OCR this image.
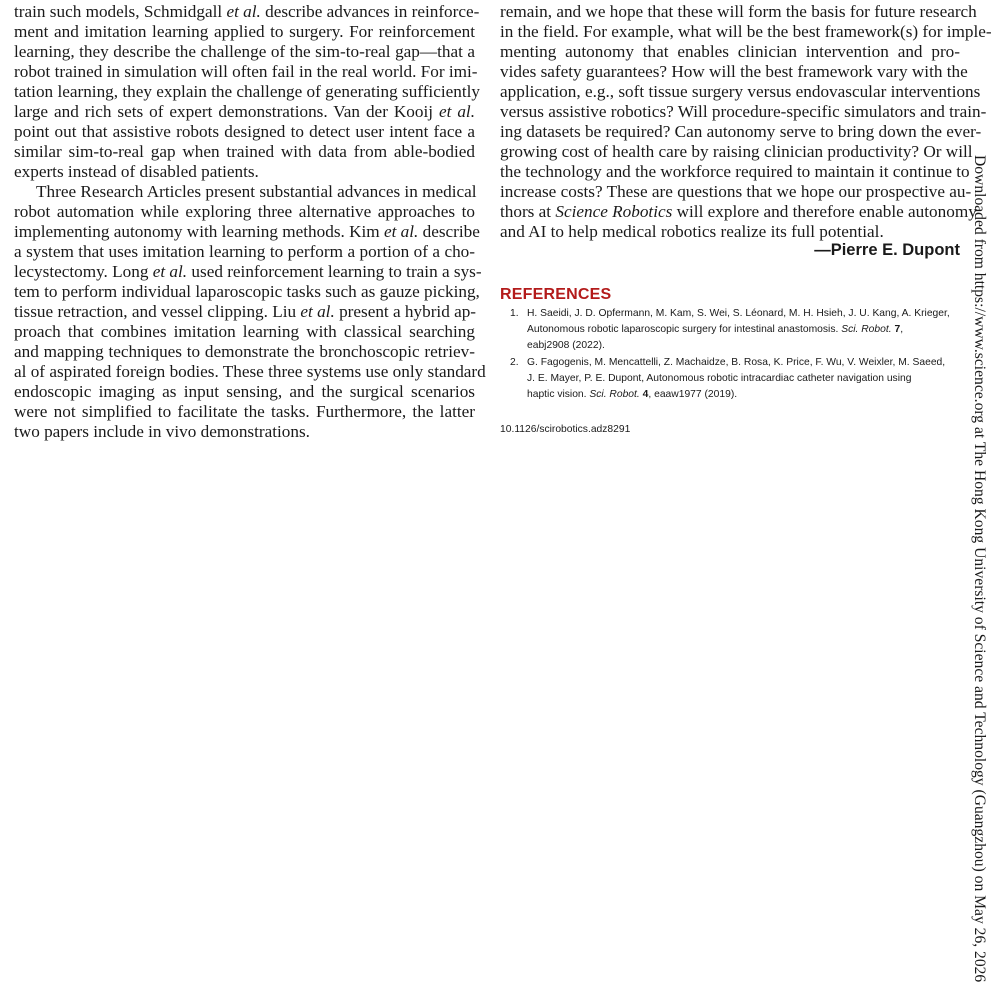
train such models, Schmidgall et al. describe advances in reinforce-
ment and imitation learning applied to surgery. For reinforcement
learning, they describe the challenge of the sim-to-real gap—that a
robot trained in simulation will often fail in the real world. For imi-
tation learning, they explain the challenge of generating sufficiently
large and rich sets of expert demonstrations. Van der Kooij et al.
point out that assistive robots designed to detect user intent face a
similar sim-to-real gap when trained with data from able-bodied
experts instead of disabled patients.
Three Research Articles present substantial advances in medical
robot automation while exploring three alternative approaches to
implementing autonomy with learning methods. Kim et al. describe
a system that uses imitation learning to perform a portion of a cho-
lecystectomy. Long et al. used reinforcement learning to train a sys-
tem to perform individual laparoscopic tasks such as gauze picking,
tissue retraction, and vessel clipping. Liu et al. present a hybrid ap-
proach that combines imitation learning with classical searching
and mapping techniques to demonstrate the bronchoscopic retriev-
al of aspirated foreign bodies. These three systems use only standard
endoscopic imaging as input sensing, and the surgical scenarios
were not simplified to facilitate the tasks. Furthermore, the latter
two papers include in vivo demonstrations.
remain, and we hope that these will form the basis for future research
in the field. For example, what will be the best framework(s) for imple-
menting autonomy that enables clinician intervention and pro-
vides safety guarantees? How will the best framework vary with the
application, e.g., soft tissue surgery versus endovascular interventions
versus assistive robotics? Will procedure-specific simulators and train-
ing datasets be required? Can autonomy serve to bring down the ever-
growing cost of health care by raising clinician productivity? Or will
the technology and the workforce required to maintain it continue to
increase costs? These are questions that we hope our prospective au-
thors at Science Robotics will explore and therefore enable autonomy
and AI to help medical robotics realize its full potential.
—Pierre E. Dupont
REFERENCES
1. H. Saeidi, J. D. Opfermann, M. Kam, S. Wei, S. Léonard, M. H. Hsieh, J. U. Kang, A. Krieger,
Autonomous robotic laparoscopic surgery for intestinal anastomosis. Sci. Robot. 7,
eabj2908 (2022).
2. G. Fagogenis, M. Mencattelli, Z. Machaidze, B. Rosa, K. Price, F. Wu, V. Weixler, M. Saeed,
J. E. Mayer, P. E. Dupont, Autonomous robotic intracardiac catheter navigation using
haptic vision. Sci. Robot. 4, eaaw1977 (2019).
10.1126/scirobotics.adz8291	Downloaded from https://www.science.org at The Hong Kong University of Science and Technology (Guangzhou) on May 26, 2026
